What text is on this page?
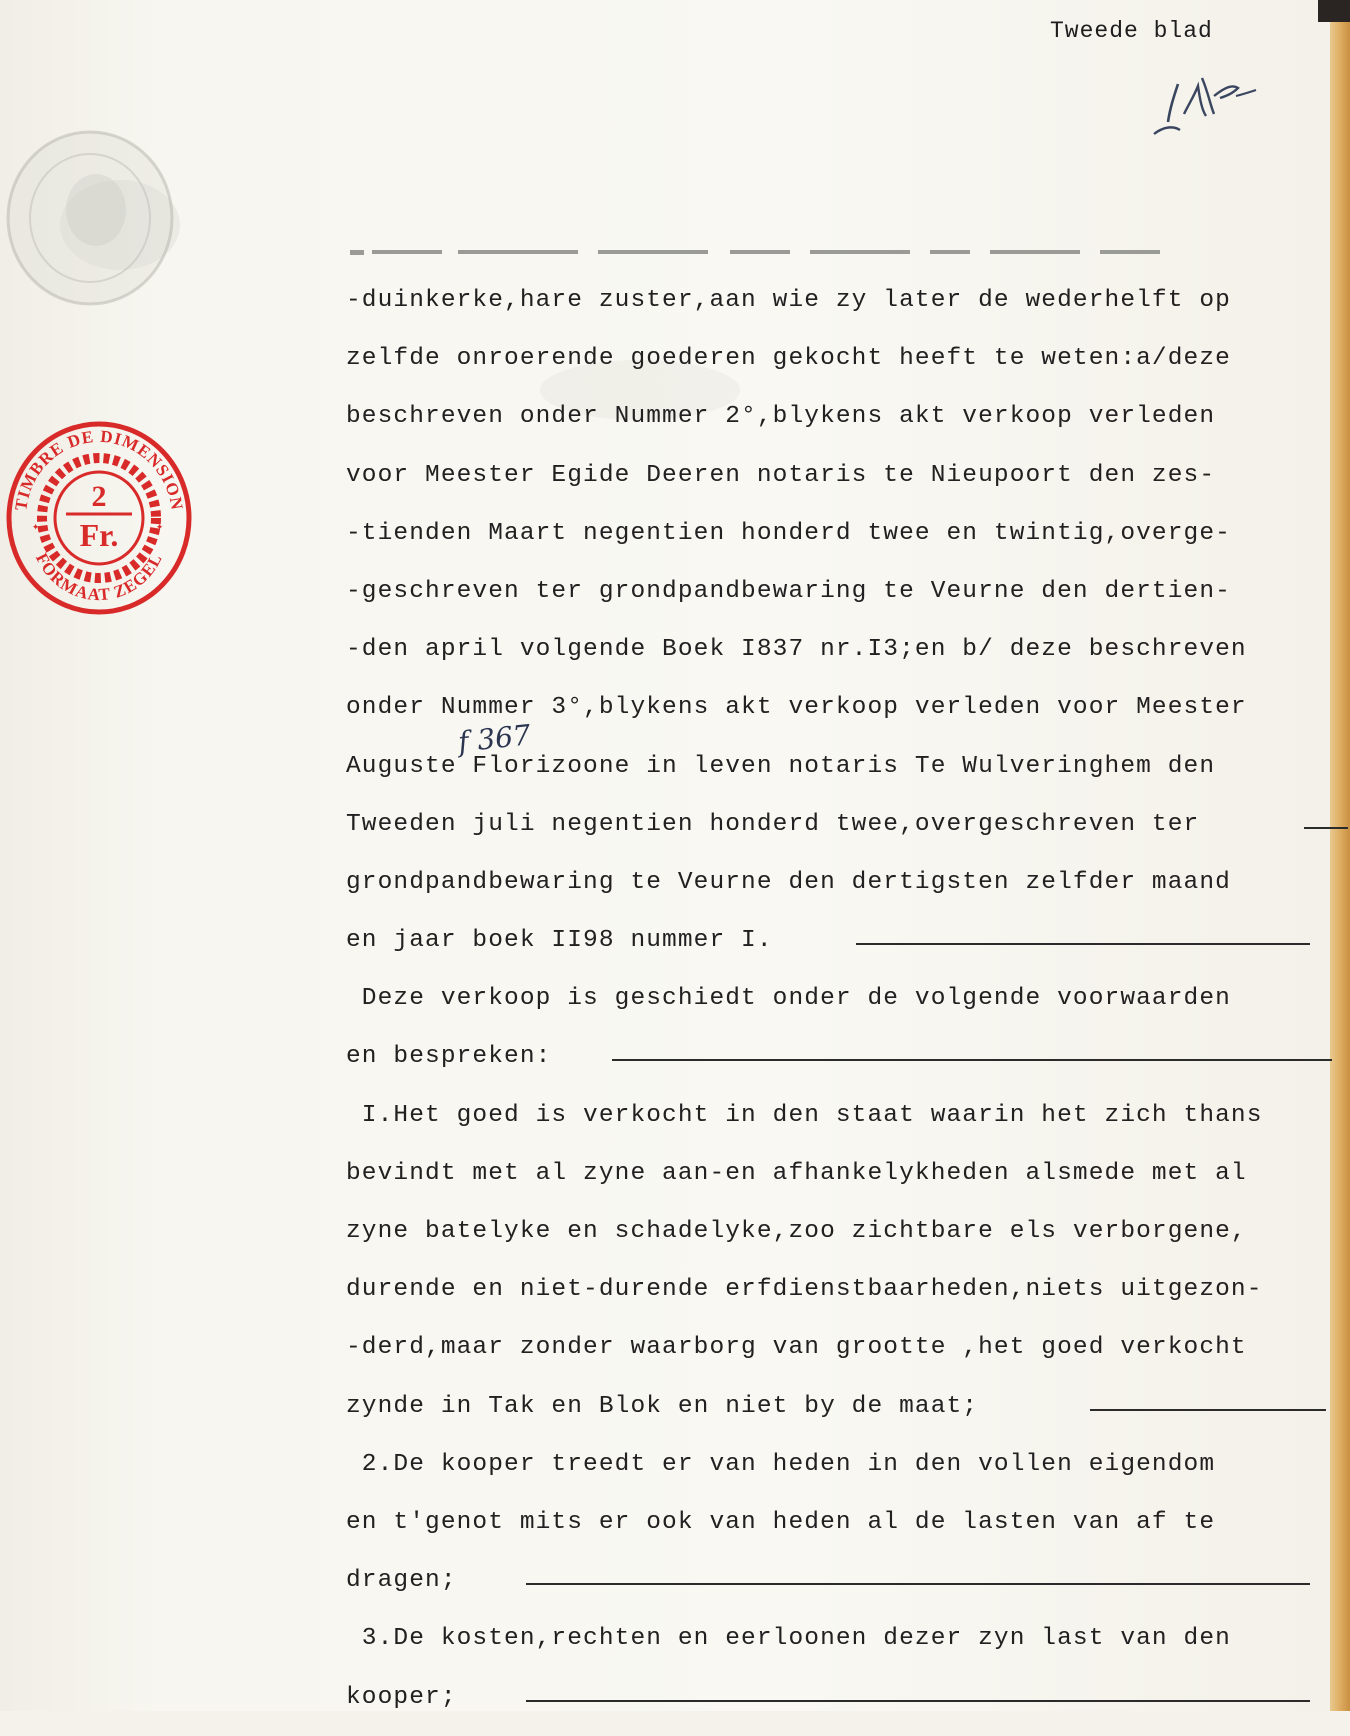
Tweede blad
TIMBRE DE DIMENSION
FORMAAT ZEGEL
✦	✦
2
Fr.
-duinkerke,hare zuster,aan wie zy later de wederhelft op
zelfde onroerende goederen gekocht heeft te weten:a/deze
beschreven onder Nummer 2°,blykens akt verkoop verleden
voor Meester Egide Deeren notaris te Nieupoort den zes-
-tienden Maart negentien honderd twee en twintig,overge-
-geschreven ter grondpandbewaring te Veurne den dertien-
-den april volgende Boek I837 nr.I3;en b/ deze beschreven
onder Nummer 3°,blykens akt verkoop verleden voor Meester
Auguste Florizoone in leven notaris Te Wulveringhem den
Tweeden juli negentien honderd twee,overgeschreven ter
grondpandbewaring te Veurne den dertigsten zelfder maand
en jaar boek II98 nummer I.
Deze verkoop is geschiedt onder de volgende voorwaarden
en bespreken:
I.Het goed is verkocht in den staat waarin het zich thans
bevindt met al zyne aan-en afhankelykheden alsmede met al
zyne batelyke en schadelyke,zoo zichtbare els verborgene,
durende en niet-durende erfdienstbaarheden,niets uitgezon-
-derd,maar zonder waarborg van grootte ,het goed verkocht
zynde in Tak en Blok en niet by de maat;
2.De kooper treedt er van heden in den vollen eigendom
en t'genot mits er ook van heden al de lasten van af te
dragen;
3.De kosten,rechten en eerloonen dezer zyn last van den
kooper;
f 367
